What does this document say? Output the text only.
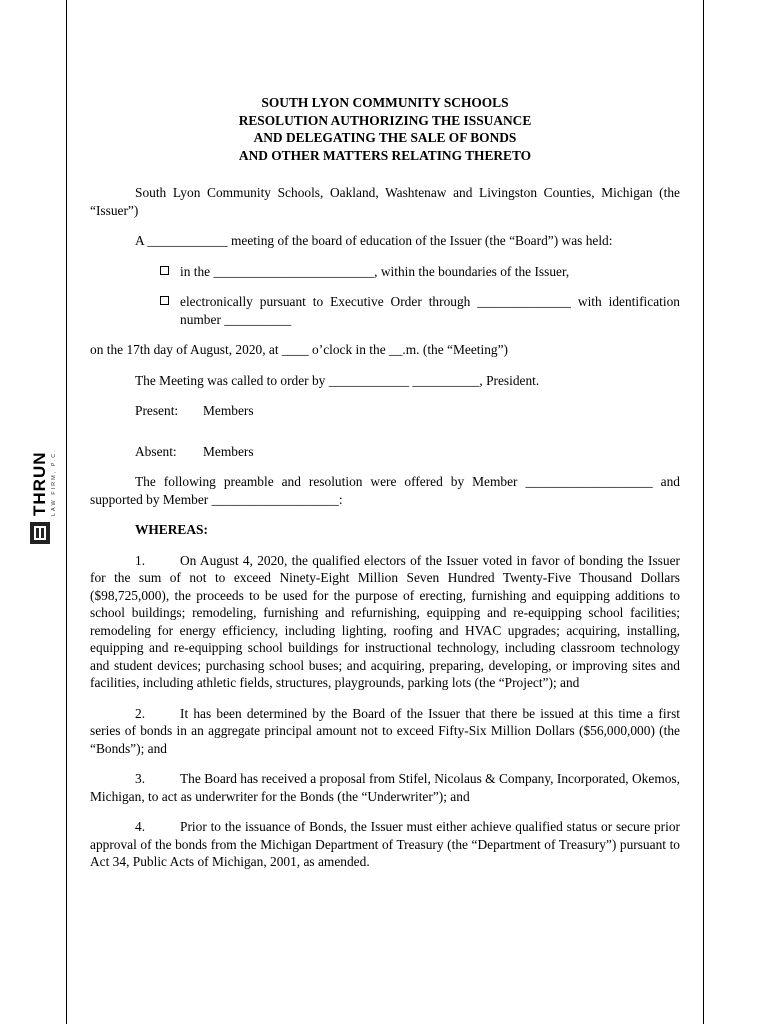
THRUN LAW FIRM, P.C.
SOUTH LYON COMMUNITY SCHOOLS
RESOLUTION AUTHORIZING THE ISSUANCE
AND DELEGATING THE SALE OF BONDS
AND OTHER MATTERS RELATING THERETO

South Lyon Community Schools, Oakland, Washtenaw and Livingston Counties, Michigan (the “Issuer”)

A ____________ meeting of the board of education of the Issuer (the “Board”) was held:

in the ________________________, within the boundaries of the Issuer,

electronically pursuant to Executive Order through ______________ with identification number __________

on the 17th day of August, 2020, at ____ o’clock in the __.m. (the “Meeting”)

The Meeting was called to order by ____________ __________, President.

Present:	Members
Absent:	Members

The following preamble and resolution were offered by Member ___________________ and supported by Member ___________________:

WHEREAS:

1.	On August 4, 2020, the qualified electors of the Issuer voted in favor of bonding the Issuer for the sum of not to exceed Ninety-Eight Million Seven Hundred Twenty-Five Thousand Dollars ($98,725,000), the proceeds to be used for the purpose of erecting, furnishing and equipping additions to school buildings; remodeling, furnishing and refurnishing, equipping and re-equipping school facilities; remodeling for energy efficiency, including lighting, roofing and HVAC upgrades; acquiring, installing, equipping and re-equipping school buildings for instructional technology, including classroom technology and student devices; purchasing school buses; and acquiring, preparing, developing, or improving sites and facilities, including athletic fields, structures, playgrounds, parking lots (the “Project”); and

2.	It has been determined by the Board of the Issuer that there be issued at this time a first series of bonds in an aggregate principal amount not to exceed Fifty-Six Million Dollars ($56,000,000) (the “Bonds”); and

3.	The Board has received a proposal from Stifel, Nicolaus & Company, Incorporated, Okemos, Michigan, to act as underwriter for the Bonds (the “Underwriter”); and

4.	Prior to the issuance of Bonds, the Issuer must either achieve qualified status or secure prior approval of the bonds from the Michigan Department of Treasury (the “Department of Treasury”) pursuant to Act 34, Public Acts of Michigan, 2001, as amended.
